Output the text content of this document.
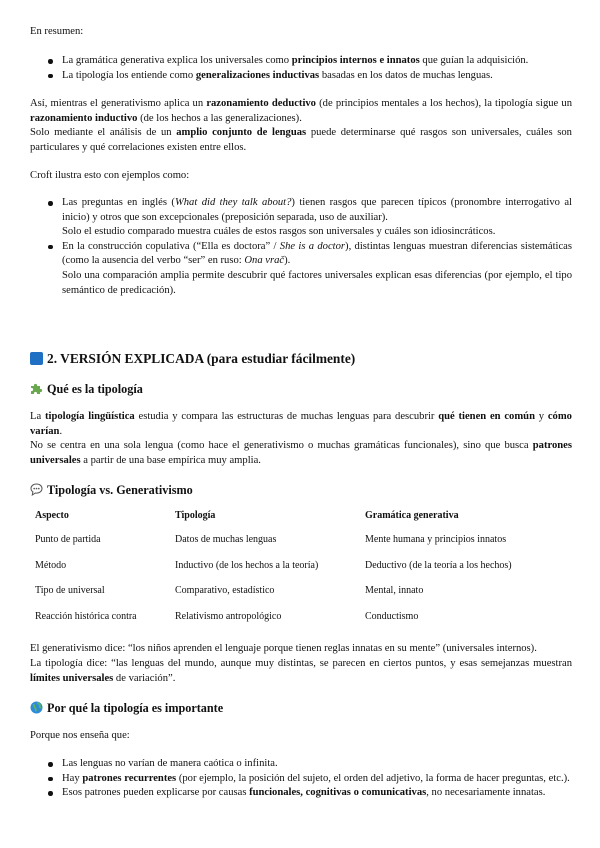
En resumen:

La gramática generativa explica los universales como principios internos e innatos que guían la adquisición.
La tipología los entiende como generalizaciones inductivas basadas en los datos de muchas lenguas.

Así, mientras el generativismo aplica un razonamiento deductivo (de principios mentales a los hechos), la tipología sigue un razonamiento inductivo (de los hechos a las generalizaciones).

Solo mediante el análisis de un amplio conjunto de lenguas puede determinarse qué rasgos son universales, cuáles son particulares y qué correlaciones existen entre ellos.

Croft ilustra esto con ejemplos como:

Las preguntas en inglés (What did they talk about?) tienen rasgos que parecen típicos (pronombre interrogativo al inicio) y otros que son excepcionales (preposición separada, uso de auxiliar).
Solo el estudio comparado muestra cuáles de estos rasgos son universales y cuáles son idiosincráticos.
En la construcción copulativa (“Ella es doctora” / She is a doctor), distintas lenguas muestran diferencias sistemáticas (como la ausencia del verbo “ser” en ruso: Ona vrač).
Solo una comparación amplia permite descubrir qué factores universales explican esas diferencias (por ejemplo, el tipo semántico de predicación).
2. VERSIÓN EXPLICADA (para estudiar fácilmente)
Qué es la tipología

La tipología lingüística estudia y compara las estructuras de muchas lenguas para descubrir qué tienen en común y cómo varían.

No se centra en una sola lengua (como hace el generativismo o muchas gramáticas funcionales), sino que busca patrones universales a partir de una base empírica muy amplia.

Tipología vs. Generativismo
Aspecto	Tipología	Gramática generativa
Punto de partida	Datos de muchas lenguas	Mente humana y principios innatos
Método	Inductivo (de los hechos a la teoría)	Deductivo (de la teoría a los hechos)
Tipo de universal	Comparativo, estadístico	Mental, innato
Reacción histórica contra	Relativismo antropológico	Conductismo

El generativismo dice: “los niños aprenden el lenguaje porque tienen reglas innatas en su mente” (universales internos).

La tipología dice: “las lenguas del mundo, aunque muy distintas, se parecen en ciertos puntos, y esas semejanzas muestran límites universales de variación”.

Por qué la tipología es importante

Porque nos enseña que:

Las lenguas no varían de manera caótica o infinita.
Hay patrones recurrentes (por ejemplo, la posición del sujeto, el orden del adjetivo, la forma de hacer preguntas, etc.).
Esos patrones pueden explicarse por causas funcionales, cognitivas o comunicativas, no necesariamente innatas.
